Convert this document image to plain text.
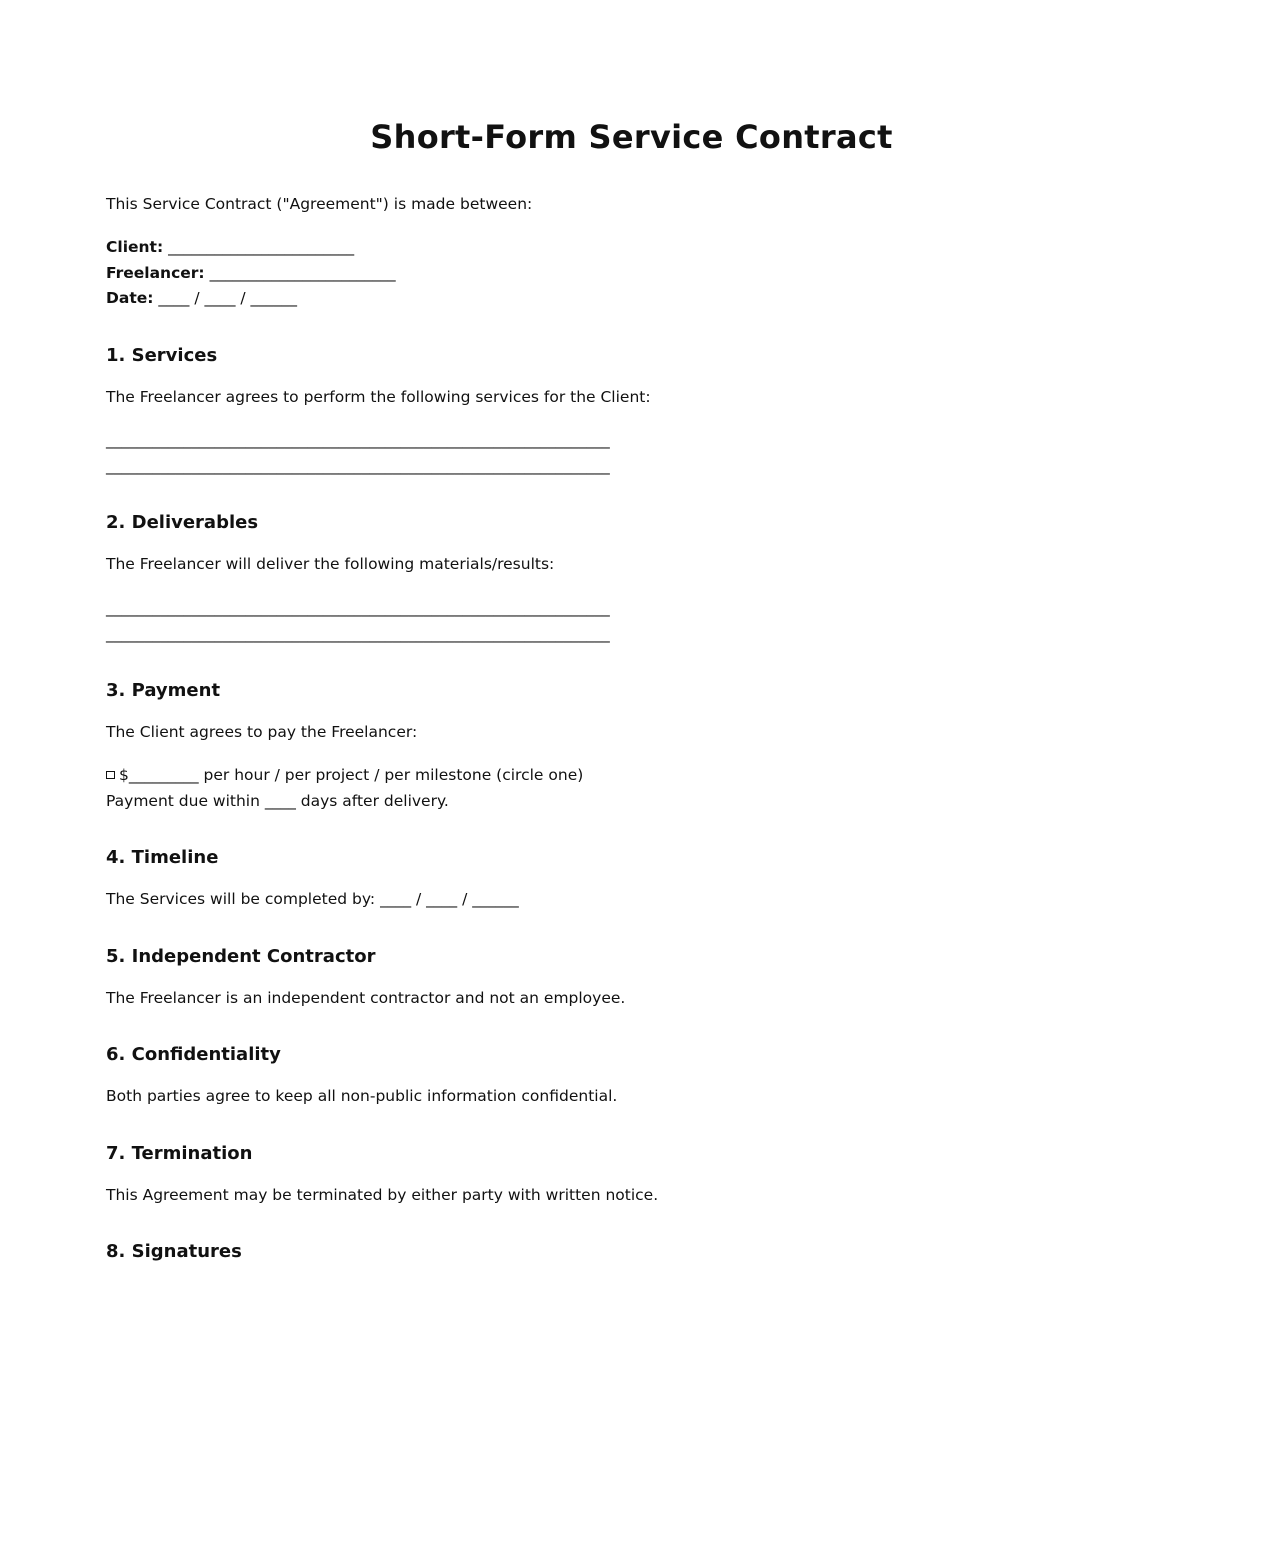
Short-Form Service Contract

This Service Contract ("Agreement") is made between:

Client: ________________________

Freelancer: ________________________

Date: ____ / ____ / ______

1. Services

The Freelancer agrees to perform the following services for the Client:

_________________________________________________________________

_________________________________________________________________

2. Deliverables

The Freelancer will deliver the following materials/results:

_________________________________________________________________

_________________________________________________________________

3. Payment

The Client agrees to pay the Freelancer:

$_________ per hour / per project / per milestone (circle one)

Payment due within ____ days after delivery.

4. Timeline

The Services will be completed by: ____ / ____ / ______

5. Independent Contractor

The Freelancer is an independent contractor and not an employee.

6. Confidentiality

Both parties agree to keep all non-public information confidential.

7. Termination

This Agreement may be terminated by either party with written notice.

8. Signatures
